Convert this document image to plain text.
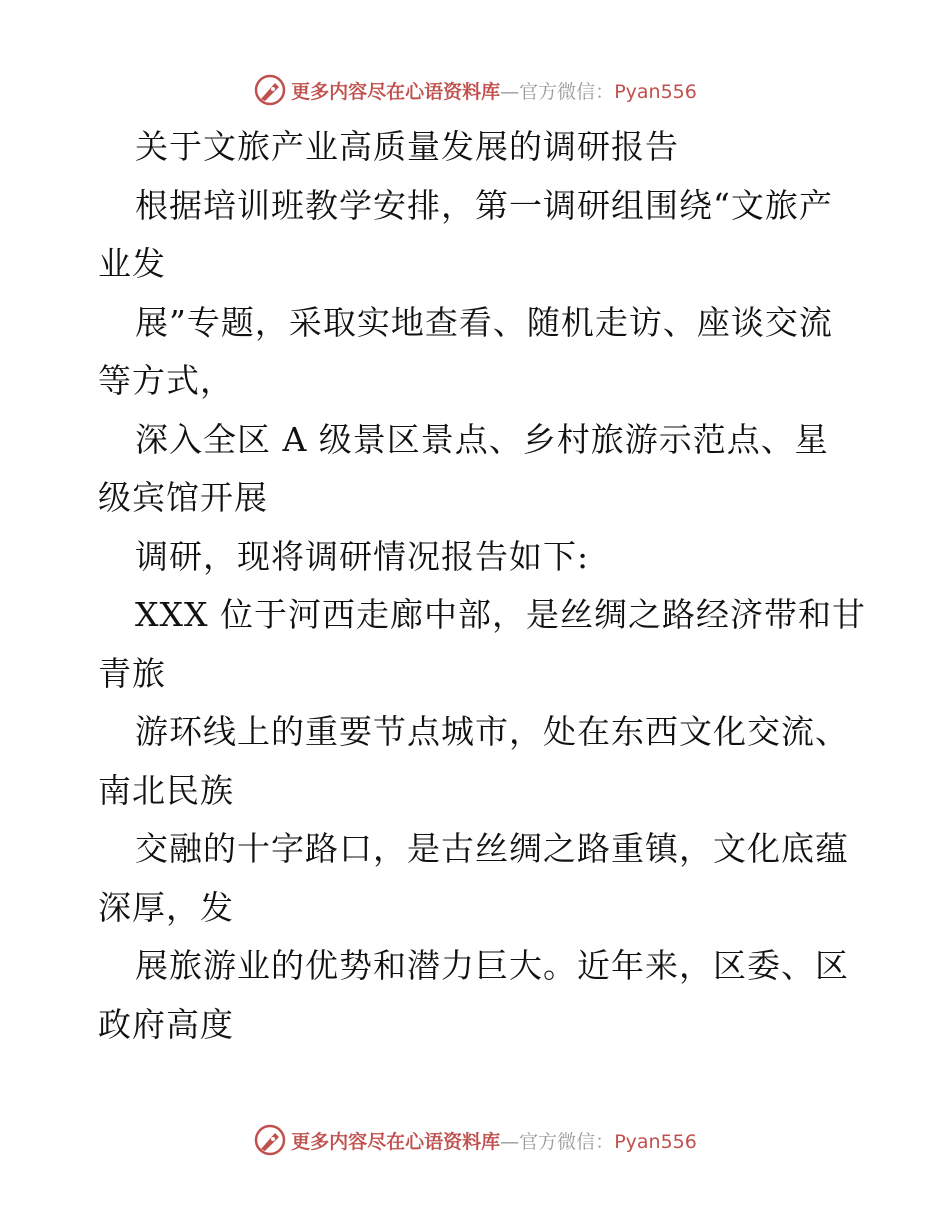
更多内容尽在心语资料库—官方微信：Pyan556
关于文旅产业高质量发展的调研报告
根据培训班教学安排，第一调研组围绕“文旅产
业发
展”专题，采取实地查看、随机走访、座谈交流
等方式，
深入全区 A 级景区景点、乡村旅游示范点、星
级宾馆开展
调研，现将调研情况报告如下:
XXX 位于河西走廊中部，是丝绸之路经济带和甘
青旅
游环线上的重要节点城市，处在东西文化交流、
南北民族
交融的十字路口，是古丝绸之路重镇，文化底蕴
深厚，发
展旅游业的优势和潜力巨大。近年来，区委、区
政府高度
更多内容尽在心语资料库—官方微信：Pyan556
